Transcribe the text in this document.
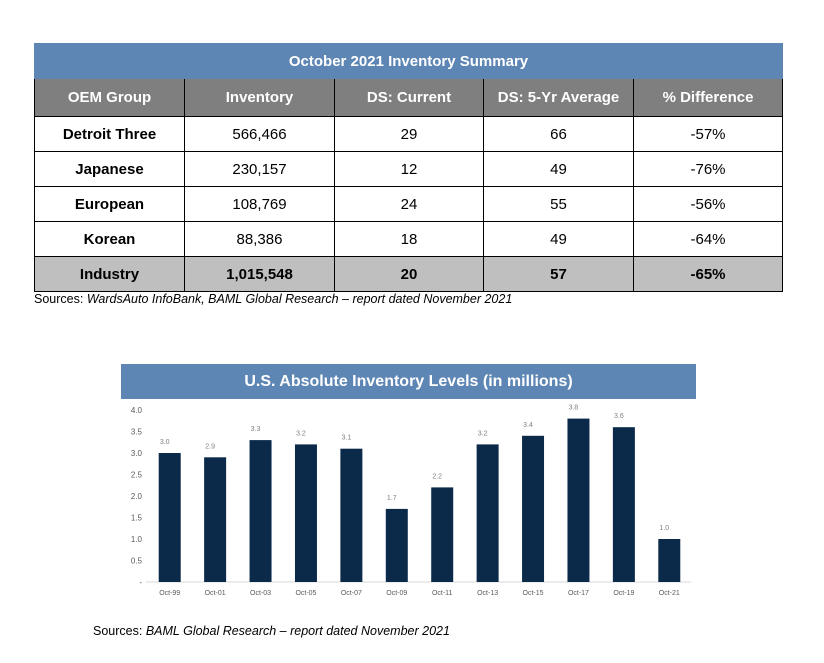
October 2021 Inventory Summary				
OEM Group	Inventory	DS: Current	DS: 5-Yr Average	% Difference
Detroit Three	566,466	29	66	-57%
Japanese	230,157	12	49	-76%
European	108,769	24	55	-56%
Korean	88,386	18	49	-64%
Industry	1,015,548	20	57	-65%
Sources: WardsAuto InfoBank, BAML Global Research – report dated November 2021
U.S. Absolute Inventory Levels (in millions)
-
0.5
1.0
1.5
2.0
2.5
3.0
3.5
4.0
3.0
Oct-99
2.9
Oct-01
3.3
Oct-03
3.2
Oct-05
3.1
Oct-07
1.7
Oct-09
2.2
Oct-11
3.2
Oct-13
3.4
Oct-15
3.8
Oct-17
3.6
Oct-19
1.0
Oct-21
Sources: BAML Global Research – report dated November 2021
